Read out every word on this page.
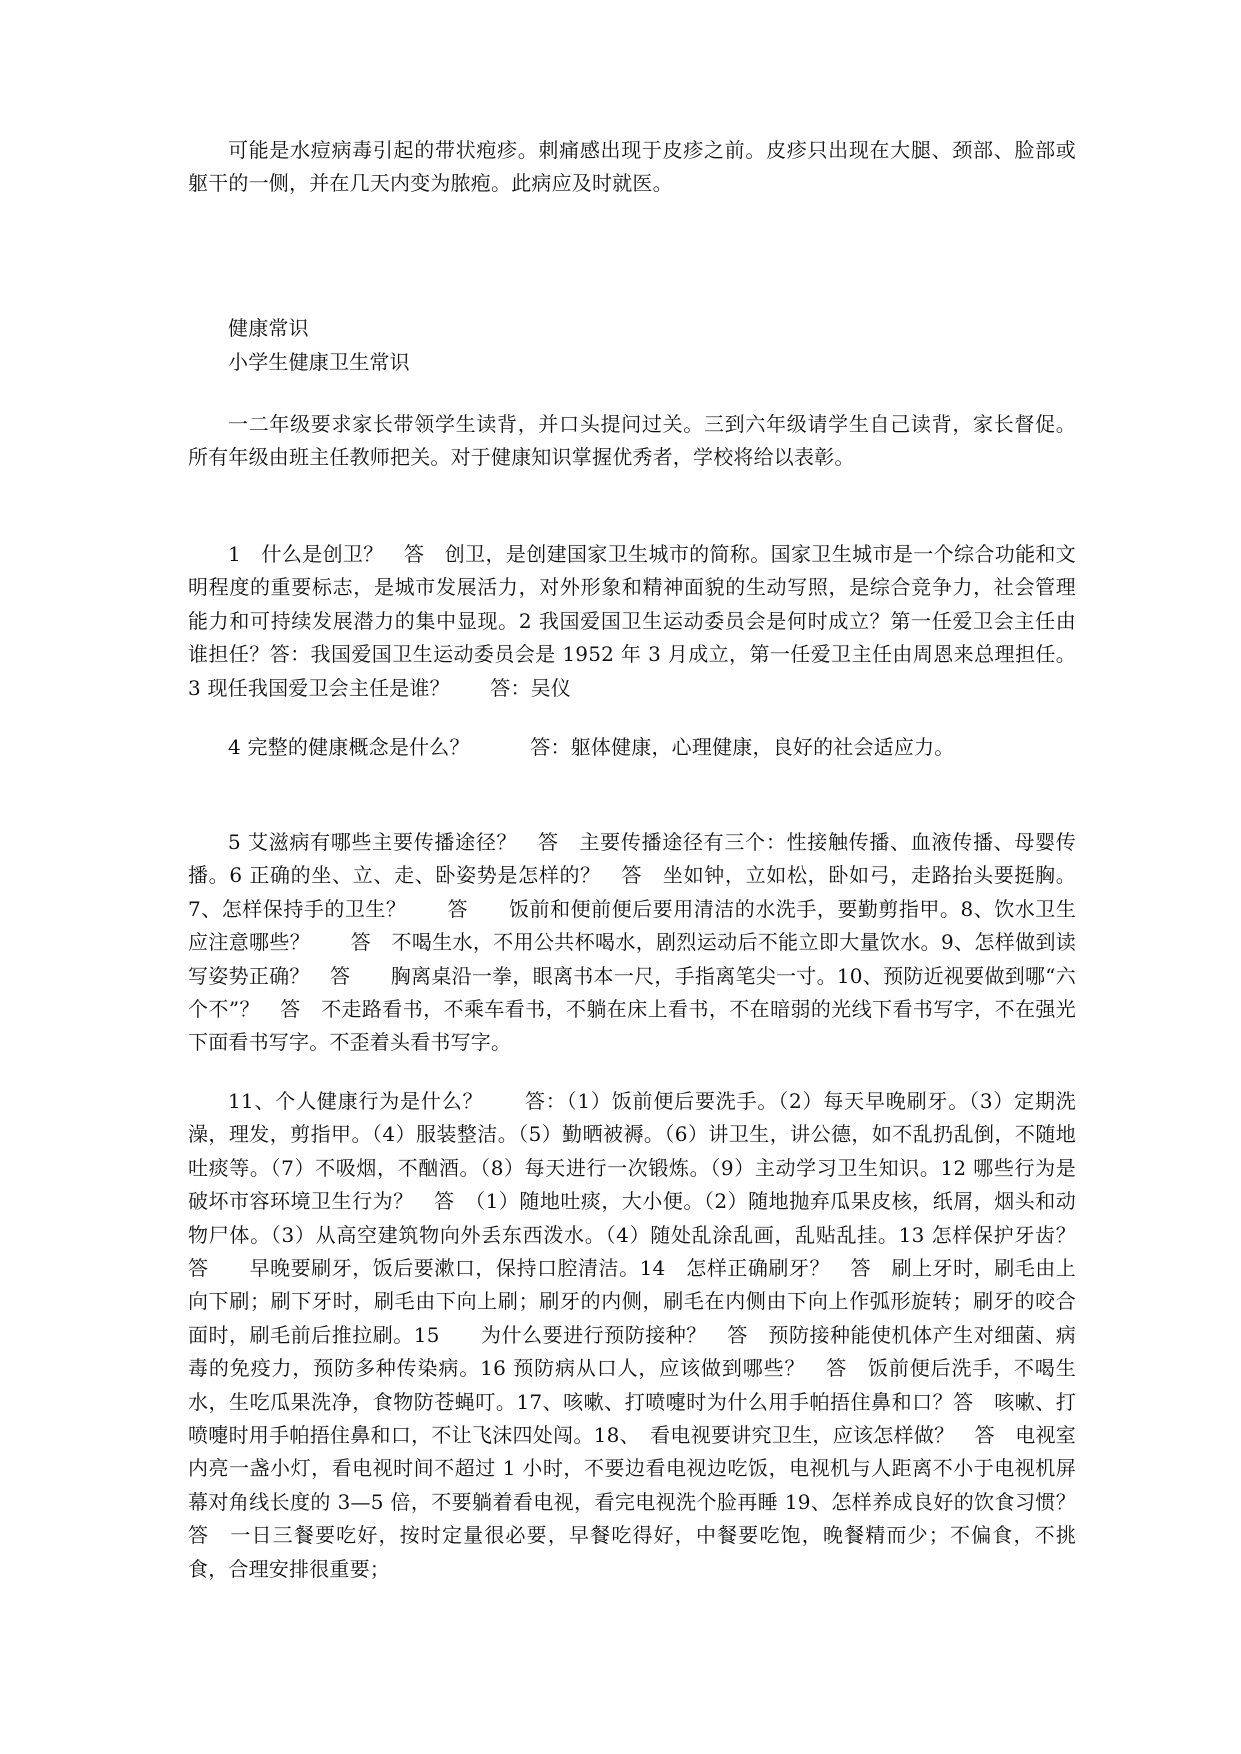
可能是水痘病毒引起的带状疱疹。刺痛感出现于皮疹之前。皮疹只出现在大腿、颈部、脸部或躯干的一侧，并在几天内变为脓疱。此病应及时就医。

健康常识

小学生健康卫生常识

一二年级要求家长带领学生读背，并口头提问过关。三到六年级请学生自己读背，家长督促。所有年级由班主任教师把关。对于健康知识掌握优秀者，学校将给以表彰。

1　什么是创卫？　答　创卫，是创建国家卫生城市的简称。国家卫生城市是一个综合功能和文明程度的重要标志，是城市发展活力，对外形象和精神面貌的生动写照，是综合竞争力，社会管理能力和可持续发展潜力的集中显现。2 我国爱国卫生运动委员会是何时成立？第一任爱卫会主任由谁担任？答：我国爱国卫生运动委员会是 1952 年 3 月成立，第一任爱卫主任由周恩来总理担任。3 现任我国爱卫会主任是谁？　　答：吴仪

4 完整的健康概念是什么？　　　答：躯体健康，心理健康，良好的社会适应力。

5 艾滋病有哪些主要传播途径？　答　主要传播途径有三个：性接触传播、血液传播、母婴传播。6 正确的坐、立、走、卧姿势是怎样的？　答　坐如钟，立如松，卧如弓，走路抬头要挺胸。7、怎样保持手的卫生？　　答　　饭前和便前便后要用清洁的水洗手，要勤剪指甲。8、饮水卫生应注意哪些？　　答　不喝生水，不用公共杯喝水，剧烈运动后不能立即大量饮水。9、怎样做到读写姿势正确？　答　　胸离桌沿一拳，眼离书本一尺，手指离笔尖一寸。10、预防近视要做到哪“六个不”？　答　不走路看书，不乘车看书，不躺在床上看书，不在暗弱的光线下看书写字，不在强光下面看书写字。不歪着头看书写字。

11、个人健康行为是什么？　　答：（1）饭前便后要洗手。（2）每天早晚刷牙。（3）定期洗澡，理发，剪指甲。（4）服装整洁。（5）勤晒被褥。（6）讲卫生，讲公德，如不乱扔乱倒，不随地吐痰等。（7）不吸烟，不酗酒。（8）每天进行一次锻炼。（9）主动学习卫生知识。12 哪些行为是破坏市容环境卫生行为？　答　（1）随地吐痰，大小便。（2）随地抛弃瓜果皮核，纸屑，烟头和动物尸体。（3）从高空建筑物向外丢东西泼水。（4）随处乱涂乱画，乱贴乱挂。13 怎样保护牙齿？　答　　早晚要刷牙，饭后要漱口，保持口腔清洁。14　怎样正确刷牙？　答　刷上牙时，刷毛由上向下刷；刷下牙时，刷毛由下向上刷；刷牙的内侧，刷毛在内侧由下向上作弧形旋转；刷牙的咬合面时，刷毛前后推拉刷。15　　为什么要进行预防接种？　答　预防接种能使机体产生对细菌、病毒的免疫力，预防多种传染病。16 预防病从口人，应该做到哪些？　答　饭前便后洗手，不喝生水，生吃瓜果洗净，食物防苍蝇叮。17、咳嗽、打喷嚏时为什么用手帕捂住鼻和口？答　咳嗽、打喷嚏时用手帕捂住鼻和口，不让飞沫四处闯。18、　看电视要讲究卫生，应该怎样做？　答　电视室内亮一盏小灯，看电视时间不超过 1 小时，不要边看电视边吃饭，电视机与人距离不小于电视机屏幕对角线长度的 3—5 倍，不要躺着看电视，看完电视洗个脸再睡 19、怎样养成良好的饮食习惯？　答　一日三餐要吃好，按时定量很必要，早餐吃得好，中餐要吃饱，晚餐精而少；不偏食，不挑食，合理安排很重要；
